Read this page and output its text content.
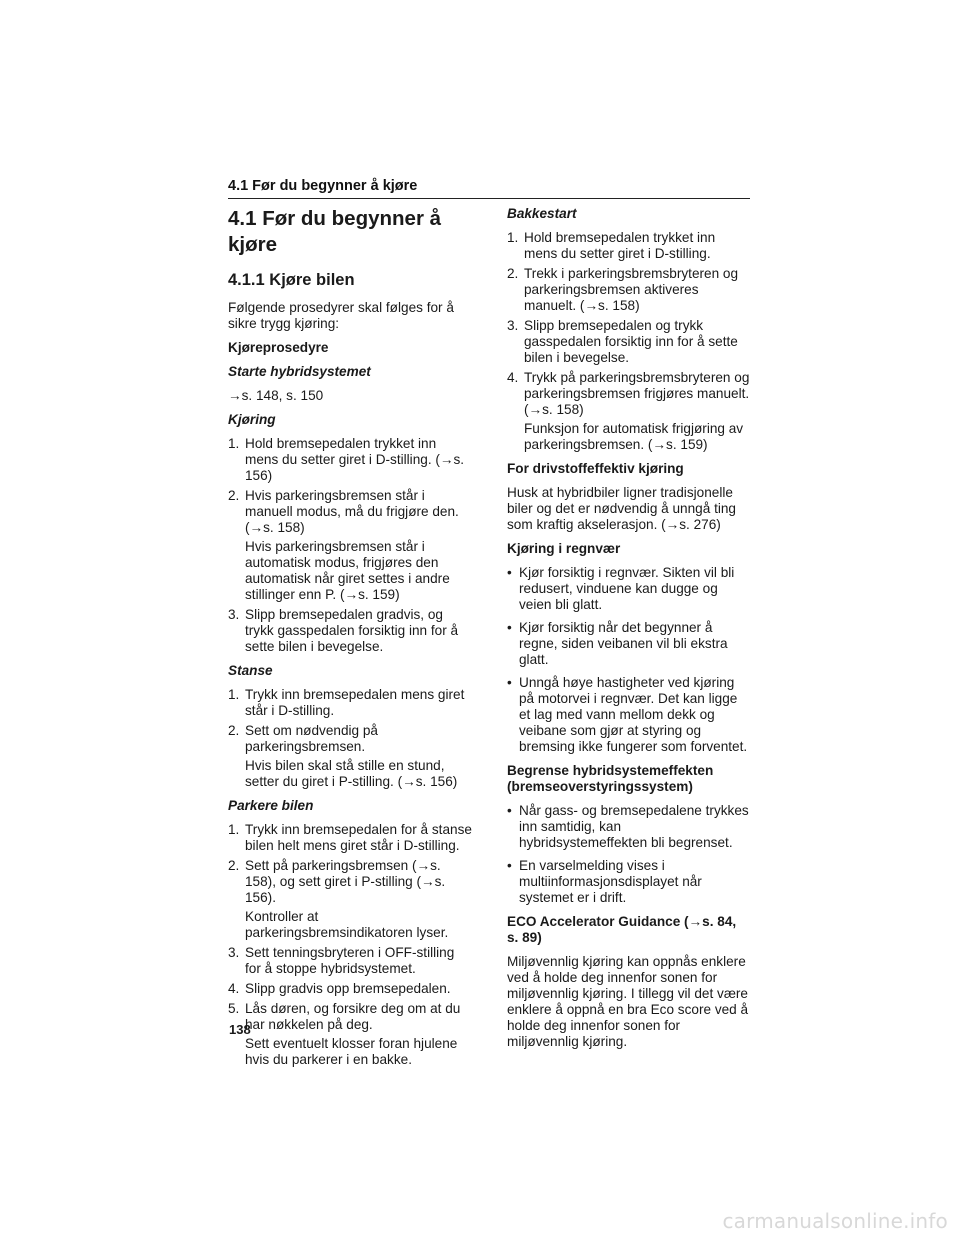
4.1 Før du begynner å kjøre
4.1 Før du begynner å kjøre
4.1.1 Kjøre bilen
Følgende prosedyrer skal følges for å sikre trygg kjøring:
Kjøreprosedyre
Starte hybridsystemet
→s. 148, s. 150
Kjøring
1. Hold bremsepedalen trykket inn mens du setter giret i D-stilling. (→s. 156)
2. Hvis parkeringsbremsen står i manuell modus, må du frigjøre den. (→s. 158)
Hvis parkeringsbremsen står i automatisk modus, frigjøres den automatisk når giret settes i andre stillinger enn P. (→s. 159)
3. Slipp bremsepedalen gradvis, og trykk gasspedalen forsiktig inn for å sette bilen i bevegelse.
Stanse
1. Trykk inn bremsepedalen mens giret står i D-stilling.
2. Sett om nødvendig på parkeringsbremsen.
Hvis bilen skal stå stille en stund, setter du giret i P-stilling. (→s. 156)
Parkere bilen
1. Trykk inn bremsepedalen for å stanse bilen helt mens giret står i D-stilling.
2. Sett på parkeringsbremsen (→s. 158), og sett giret i P-stilling (→s. 156).
Kontroller at parkeringsbremsindikatoren lyser.
3. Sett tenningsbryteren i OFF-stilling for å stoppe hybridsystemet.
4. Slipp gradvis opp bremsepedalen.
5. Lås døren, og forsikre deg om at du har nøkkelen på deg.
Sett eventuelt klosser foran hjulene hvis du parkerer i en bakke.
Bakkestart
1. Hold bremsepedalen trykket inn mens du setter giret i D-stilling.
2. Trekk i parkeringsbremsbryteren og parkeringsbremsen aktiveres manuelt. (→s. 158)
3. Slipp bremsepedalen og trykk gasspedalen forsiktig inn for å sette bilen i bevegelse.
4. Trykk på parkeringsbremsbryteren og parkeringsbremsen frigjøres manuelt. (→s. 158)
Funksjon for automatisk frigjøring av parkeringsbremsen. (→s. 159)
For drivstoffeffektiv kjøring
Husk at hybridbiler ligner tradisjonelle biler og det er nødvendig å unngå ting som kraftig akselerasjon. (→s. 276)
Kjøring i regnvær
• Kjør forsiktig i regnvær. Sikten vil bli redusert, vinduene kan dugge og veien bli glatt.
• Kjør forsiktig når det begynner å regne, siden veibanen vil bli ekstra glatt.
• Unngå høye hastigheter ved kjøring på motorvei i regnvær. Det kan ligge et lag med vann mellom dekk og veibane som gjør at styring og bremsing ikke fungerer som forventet.
Begrense hybridsystemeffekten (bremseoverstyringssystem)
• Når gass- og bremsepedalene trykkes inn samtidig, kan hybridsystemeffekten bli begrenset.
• En varselmelding vises i multiinformasjonsdisplayet når systemet er i drift.
ECO Accelerator Guidance (→s. 84, s. 89)
Miljøvennlig kjøring kan oppnås enklere ved å holde deg innenfor sonen for miljøvennlig kjøring. I tillegg vil det være enklere å oppnå en bra Eco score ved å holde deg innenfor sonen for miljøvennlig kjøring.
138
carmanualsonline.info
